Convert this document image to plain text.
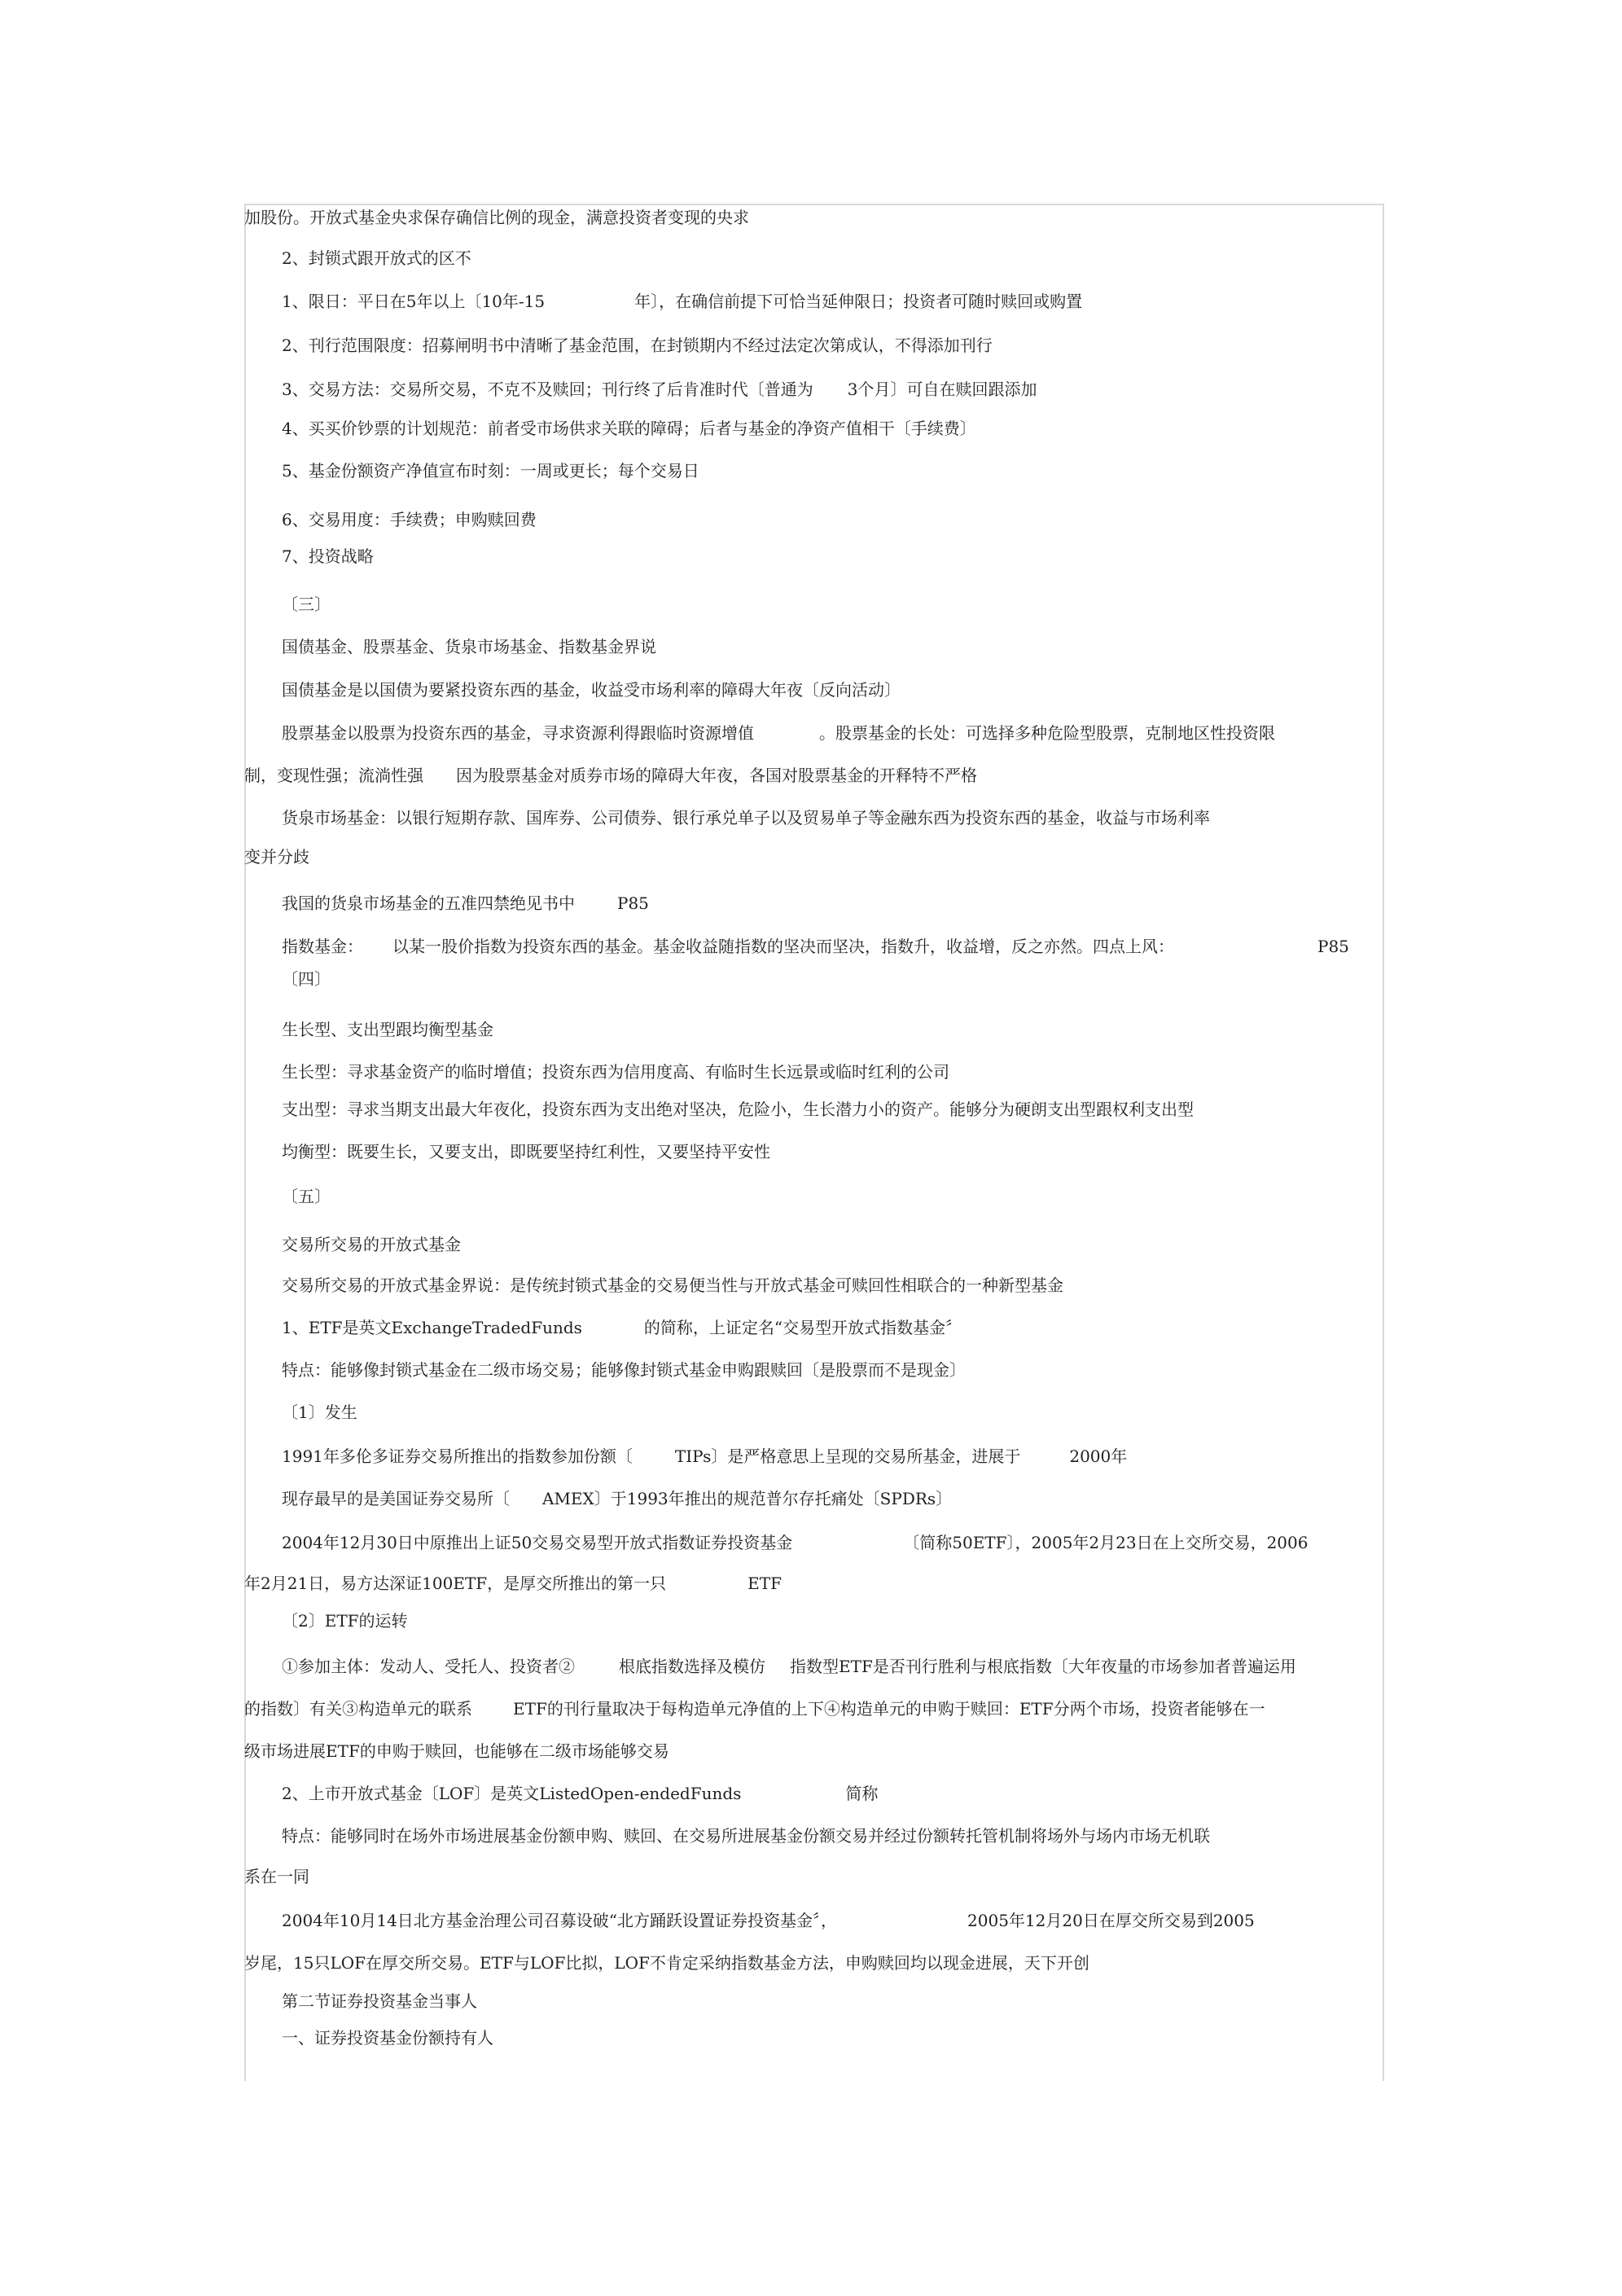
加股份。开放式基金央求保存确信比例的现金，满意投资者变现的央求
2、封锁式跟开放式的区不
1、限日：平日在5年以上〔10年-15	年〕，在确信前提下可恰当延伸限日；投资者可随时赎回或购置
2、刊行范围限度：招募闸明书中清晰了基金范围，在封锁期内不经过法定次第成认，不得添加刊行
3、交易方法：交易所交易，不克不及赎回；刊行终了后肯准时代〔普通为 3个月〕可自在赎回跟添加
4、买买价钞票的计划规范：前者受市场供求关联的障碍；后者与基金的净资产值相干〔手续费〕
5、基金份额资产净值宣布时刻：一周或更长；每个交易日
6、交易用度：手续费；申购赎回费
7、投资战略
〔三〕
国债基金、股票基金、货泉市场基金、指数基金界说
国债基金是以国债为要紧投资东西的基金，收益受市场利率的障碍大年夜〔反向活动〕
股票基金以股票为投资东西的基金，寻求资源利得跟临时资源增值	。股票基金的长处：可选择多种危险型股票，克制地区性投资限
制，变现性强；流淌性强 因为股票基金对质券市场的障碍大年夜，各国对股票基金的开释特不严格
货泉市场基金：以银行短期存款、国库券、公司债券、银行承兑单子以及贸易单子等金融东西为投资东西的基金，收益与市场利率
变并分歧
我国的货泉市场基金的五准四禁绝见书中	P85
指数基金： 以某一股价指数为投资东西的基金。基金收益随指数的坚决而坚决，指数升，收益增，反之亦然。四点上风：	P85
〔四〕
生长型、支出型跟均衡型基金
生长型：寻求基金资产的临时增值；投资东西为信用度高、有临时生长远景或临时红利的公司
支出型：寻求当期支出最大年夜化，投资东西为支出绝对坚决，危险小，生长潜力小的资产。能够分为硬朗支出型跟权利支出型
均衡型：既要生长，又要支出，即既要坚持红利性，又要坚持平安性
〔五〕
交易所交易的开放式基金
交易所交易的开放式基金界说：是传统封锁式基金的交易便当性与开放式基金可赎回性相联合的一种新型基金
1、ETF是英文ExchangeTradedFunds	的简称，上证定名“交易型开放式指数基金〞
特点：能够像封锁式基金在二级市场交易；能够像封锁式基金申购跟赎回〔是股票而不是现金〕
〔1〕发生
1991年多伦多证券交易所推出的指数参加份额〔	TIPs〕是严格意思上呈现的交易所基金，进展于	2000年
现存最早的是美国证券交易所〔 AMEX〕于1993年推出的规范普尔存托痛处〔SPDRs〕
2004年12月30日中原推出上证50交易交易型开放式指数证券投资基金	〔简称50ETF〕，2005年2月23日在上交所交易，2006
年2月21日，易方达深证100ETF，是厚交所推出的第一只	ETF
〔2〕ETF的运转
①参加主体：发动人、受托人、投资者②	根底指数选择及模仿 指数型ETF是否刊行胜利与根底指数〔大年夜量的市场参加者普遍运用
的指数〕有关③构造单元的联系	ETF的刊行量取决于每构造单元净值的上下④构造单元的申购于赎回：ETF分两个市场，投资者能够在一
级市场进展ETF的申购于赎回，也能够在二级市场能够交易
2、上市开放式基金〔LOF〕是英文ListedOpen-endedFunds	简称
特点：能够同时在场外市场进展基金份额申购、赎回、在交易所进展基金份额交易并经过份额转托管机制将场外与场内市场无机联
系在一同
2004年10月14日北方基金治理公司召募设破“北方踊跃设置证券投资基金〞，	2005年12月20日在厚交所交易到2005
岁尾，15只LOF在厚交所交易。ETF与LOF比拟，LOF不肯定采纳指数基金方法，申购赎回均以现金进展，天下开创
第二节证券投资基金当事人
一、证券投资基金份额持有人
